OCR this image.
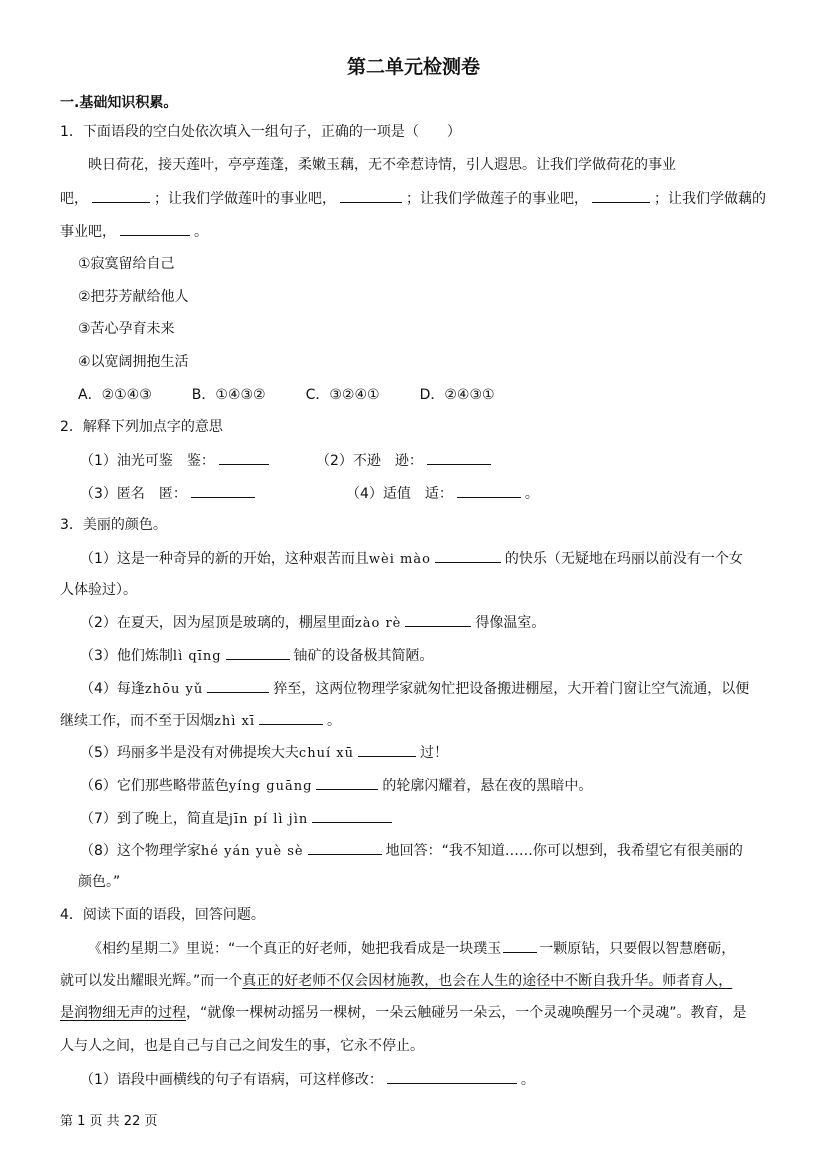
第二单元检测卷
一.基础知识积累。
1．下面语段的空白处依次填入一组句子，正确的一项是（　　）
映日荷花，接天莲叶，亭亭莲蓬，柔嫩玉藕，无不牵惹诗情，引人遐思。让我们学做荷花的事业
吧，	；让我们学做莲叶的事业吧，	；让我们学做莲子的事业吧，	；让我们学做藕的
事业吧，	。
①寂寞留给自己
②把芬芳献给他人
③苦心孕育未来
④以宽阔拥抱生活
A．②①④③	B．①④③②	C．③②④①	D．②④③①
2．解释下列加点字的意思
（1）油光可鉴　鉴：	（2）不逊　逊：
（3）匿名　匿：	（4）适值　适：	。
3．美丽的颜色。
（1）这是一种奇异的新的开始，这种艰苦而且wèi mào	的快乐（无疑地在玛丽以前没有一个女
人体验过）。
（2）在夏天，因为屋顶是玻璃的，棚屋里面zào rè	得像温室。
（3）他们炼制lì qīng	铀矿的设备极其简陋。
（4）每逢zhōu yǔ	猝至，这两位物理学家就匆忙把设备搬进棚屋，大开着门窗让空气流通，以便
继续工作，而不至于因烟zhì xī	。
（5）玛丽多半是没有对佛提埃大夫chuí xū	过！
（6）它们那些略带蓝色yíng ɡuānɡ	的轮廓闪耀着，悬在夜的黑暗中。
（7）到了晚上，简直是jīn pí lì jìn
（8）这个物理学家hé yán yuè sè	地回答：“我不知道……你可以想到，我希望它有很美丽的
颜色。”
4．阅读下面的语段，回答问题。
《相约星期二》里说：“一个真正的好老师，她把我看成是一块璞玉	一颗原钻，只要假以智慧磨砺，
就可以发出耀眼光辉。”而一个真正的好老师不仅会因材施教，也会在人生的途径中不断自我升华。师者育人，
是润物细无声的过程，“就像一棵树动摇另一棵树，一朵云触碰另一朵云，一个灵魂唤醒另一个灵魂”。教育，是
人与人之间，也是自己与自己之间发生的事，它永不停止。
（1）语段中画横线的句子有语病，可这样修改：	。
第 1 页 共 22 页
